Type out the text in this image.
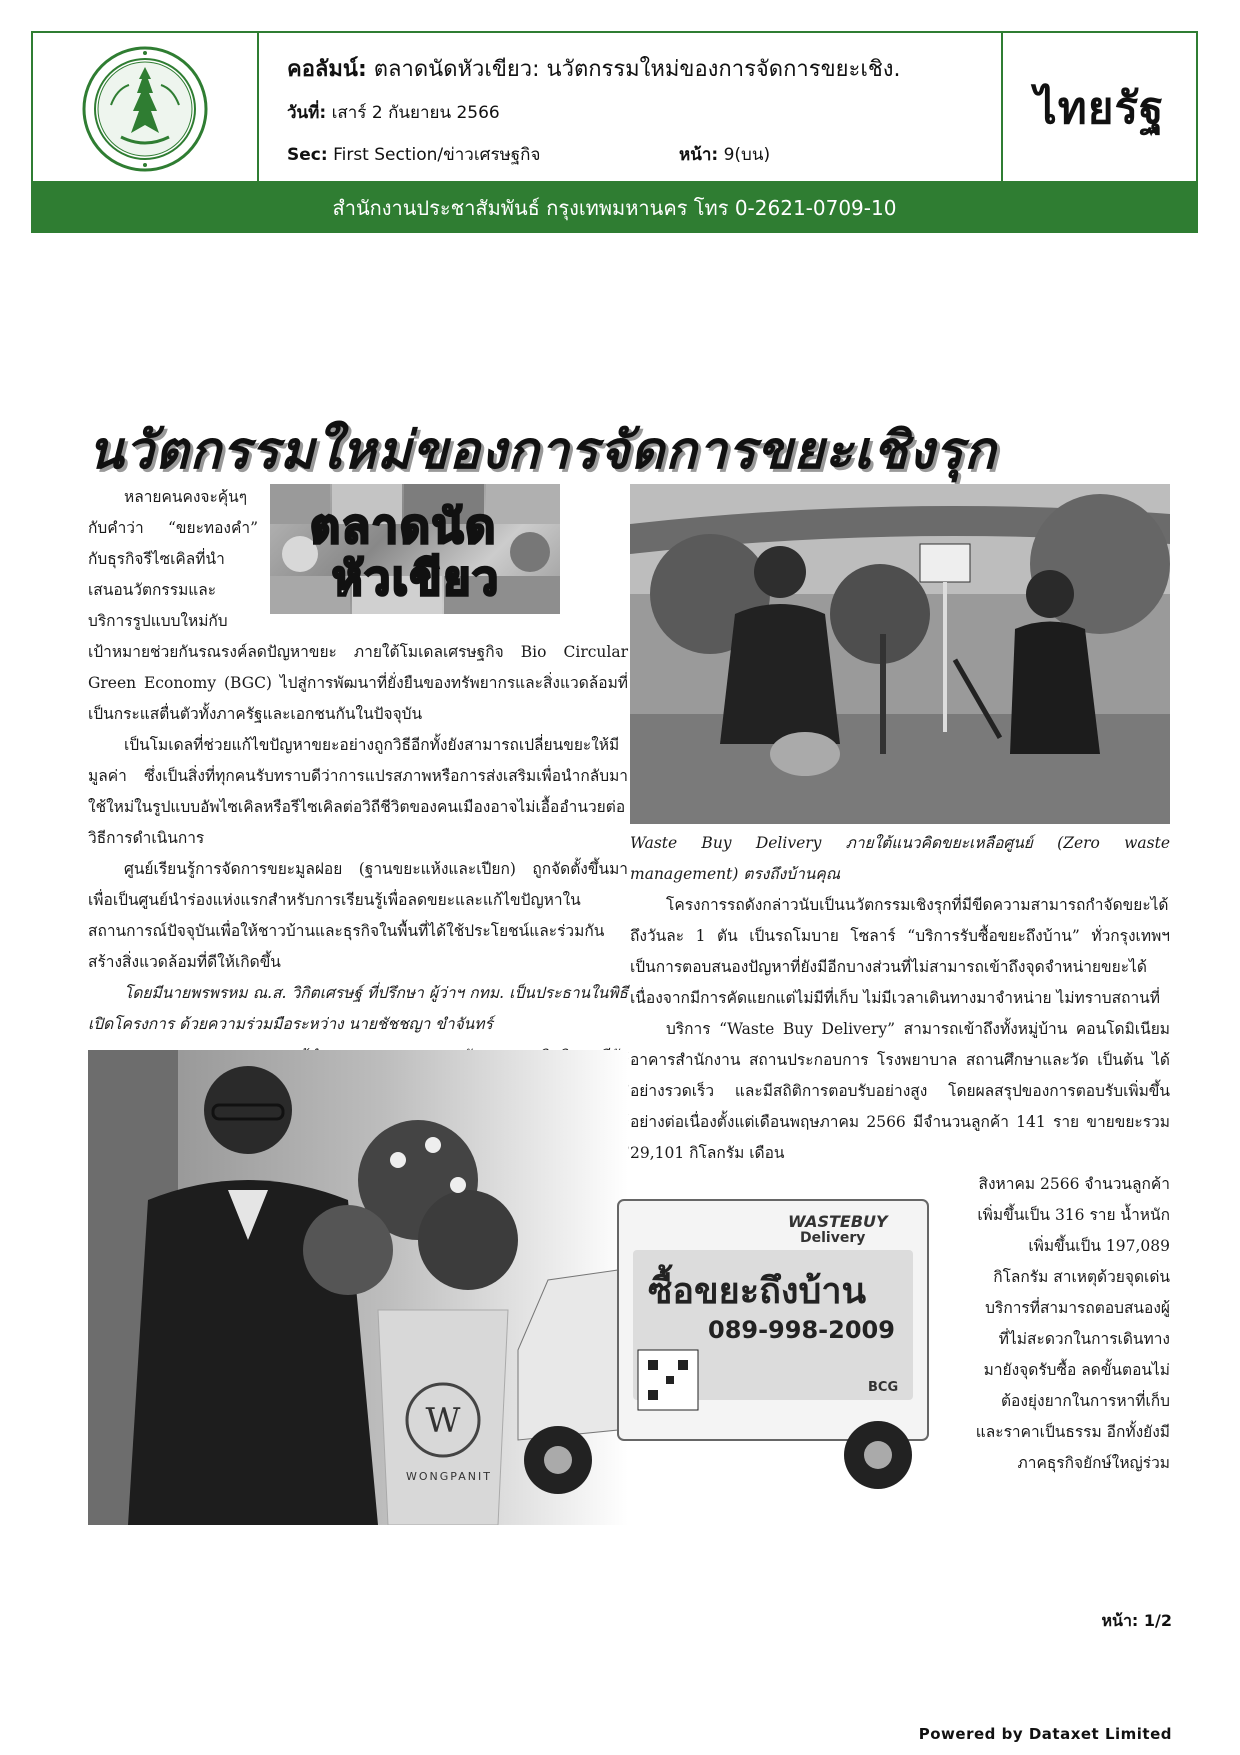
คอลัมน์: ตลาดนัดหัวเขียว: นวัตกรรมใหม่ของการจัดการขยะเชิง.
วันที่: เสาร์ 2 กันยายน 2566
Sec: First Section/ข่าวเศรษฐกิจ	หน้า: 9(บน)
ไทยรัฐ
สำนักงานประชาสัมพันธ์ กรุงเทพมหานคร โทร 0-2621-0709-10
นวัตกรรมใหม่ของการจัดการขยะเชิงรุก
ตลาดนัด
หัวเขียว

หลายคนคงจะคุ้นๆ กับคำว่า “ขยะทองคำ” กับธุรกิจรีไซเคิลที่นำเสนอนวัตกรรมและบริการรูปแบบใหม่กับ

เป้าหมายช่วยกันรณรงค์ลดปัญหาขยะ ภายใต้โมเดลเศรษฐกิจ Bio Circular Green Economy (BGC) ไปสู่การพัฒนาที่ยั่งยืนของทรัพยากรและสิ่งแวดล้อมที่เป็นกระแสตื่นตัวทั้งภาครัฐและเอกชนกันในปัจจุบัน

เป็นโมเดลที่ช่วยแก้ไขปัญหาขยะอย่างถูกวิธีอีกทั้งยังสามารถเปลี่ยนขยะให้มีมูลค่า ซึ่งเป็นสิ่งที่ทุกคนรับทราบดีว่าการแปรสภาพหรือการส่งเสริมเพื่อนำกลับมาใช้ใหม่ในรูปแบบอัพไซเคิลหรือรีไซเคิลต่อวิถีชีวิตของคนเมืองอาจไม่เอื้ออำนวยต่อวิธีการดำเนินการ

ศูนย์เรียนรู้การจัดการขยะมูลฝอย (ฐานขยะแห้งและเปียก) ถูกจัดตั้งขึ้นมาเพื่อเป็นศูนย์นำร่องแห่งแรกสำหรับการเรียนรู้เพื่อลดขยะและแก้ไขปัญหาในสถานการณ์ปัจจุบันเพื่อให้ชาวบ้านและธุรกิจในพื้นที่ได้ใช้ประโยชน์และร่วมกันสร้างสิ่งแวดล้อมที่ดีให้เกิดขึ้น

โดยมีนายพรพรหม ณ.ส. วิกิตเศรษฐ์ ที่ปรึกษา ผู้ว่าฯ กทม. เป็นประธานในพิธีเปิดโครงการ ด้วยความร่วมมือระหว่าง นายชัชชญา ขำจันทร์

Waste Buy Delivery ภายใต้แนวคิดขยะเหลือศูนย์ (Zero waste management) ตรงถึงบ้านคุณ

โครงการรถดังกล่าวนับเป็นนวัตกรรมเชิงรุกที่มีขีดความสามารถกำจัดขยะได้ถึงวันละ 1 ตัน เป็นรถโมบาย โซลาร์ “บริการรับซื้อขยะถึงบ้าน” ทั่วกรุงเทพฯ เป็นการตอบสนองปัญหาที่ยังมีอีกบางส่วนที่ไม่สามารถเข้าถึงจุดจำหน่ายขยะได้ เนื่องจากมีการคัดแยกแต่ไม่มีที่เก็บ ไม่มีเวลาเดินทางมาจำหน่าย ไม่ทราบสถานที่

บริการ “Waste Buy Delivery” สามารถเข้าถึงทั้งหมู่บ้าน คอนโดมิเนียม อาคารสำนักงาน สถานประกอบการ โรงพยาบาล สถานศึกษาและวัด เป็นต้น ได้อย่างรวดเร็ว และมีสถิติการตอบรับอย่างสูง โดยผลสรุปของการตอบรับเพิ่มขึ้นอย่างต่อเนื่องตั้งแต่เดือนพฤษภาคม 2566 มีจำนวนลูกค้า 141 ราย ขายขยะรวม 29,101 กิโลกรัม เดือน

สิงหาคม 2566 จำนวนลูกค้าเพิ่มขึ้นเป็น 316 ราย น้ำหนักเพิ่มขึ้นเป็น 197,089 กิโลกรัม สาเหตุด้วยจุดเด่นบริการที่สามารถตอบสนองผู้ที่ไม่สะดวกในการเดินทางมายังจุดรับซื้อ ลดขั้นตอนไม่ต้องยุ่งยากในการหาที่เก็บและราคาเป็นธรรม อีกทั้งยังมีภาคธุรกิจยักษ์ใหญ่ร่วม

W
WASTEBUY
Delivery
ซื้อขยะถึงบ้าน
089-998-2009
BCG
WONGPANIT
หน้า: 1/2
Powered by Dataxet Limited
